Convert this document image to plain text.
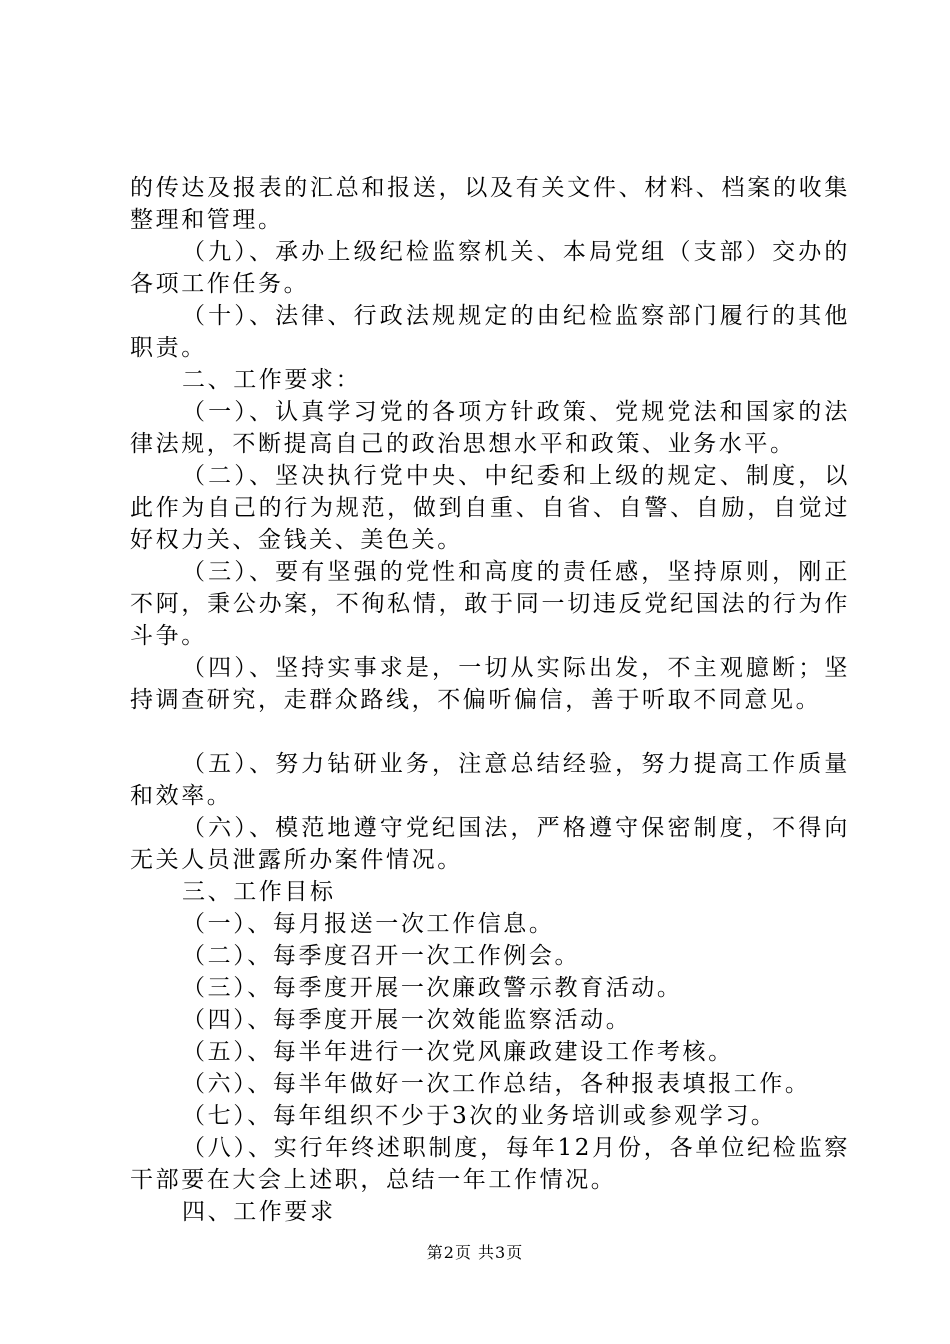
的传达及报表的汇总和报送，以及有关文件、材料、档案的收集整理和管理。

（九）、承办上级纪检监察机关、本局党组（支部）交办的各项工作任务。

（十）、法律、行政法规规定的由纪检监察部门履行的其他职责。

二、工作要求：

（一）、认真学习党的各项方针政策、党规党法和国家的法律法规，不断提高自己的政治思想水平和政策、业务水平。

（二）、坚决执行党中央、中纪委和上级的规定、制度，以此作为自己的行为规范，做到自重、自省、自警、自励，自觉过好权力关、金钱关、美色关。

（三）、要有坚强的党性和高度的责任感，坚持原则，刚正不阿，秉公办案，不徇私情，敢于同一切违反党纪国法的行为作斗争。

（四）、坚持实事求是，一切从实际出发，不主观臆断；坚持调查研究，走群众路线，不偏听偏信，善于听取不同意见。

（五）、努力钻研业务，注意总结经验，努力提高工作质量和效率。

（六）、模范地遵守党纪国法，严格遵守保密制度，不得向无关人员泄露所办案件情况。

三、工作目标

（一）、每月报送一次工作信息。

（二）、每季度召开一次工作例会。

（三）、每季度开展一次廉政警示教育活动。

（四）、每季度开展一次效能监察活动。

（五）、每半年进行一次党风廉政建设工作考核。

（六）、每半年做好一次工作总结，各种报表填报工作。

（七）、每年组织不少于3次的业务培训或参观学习。

（八）、实行年终述职制度，每年12月份，各单位纪检监察干部要在大会上述职，总结一年工作情况。

四、工作要求

第2页 共3页
